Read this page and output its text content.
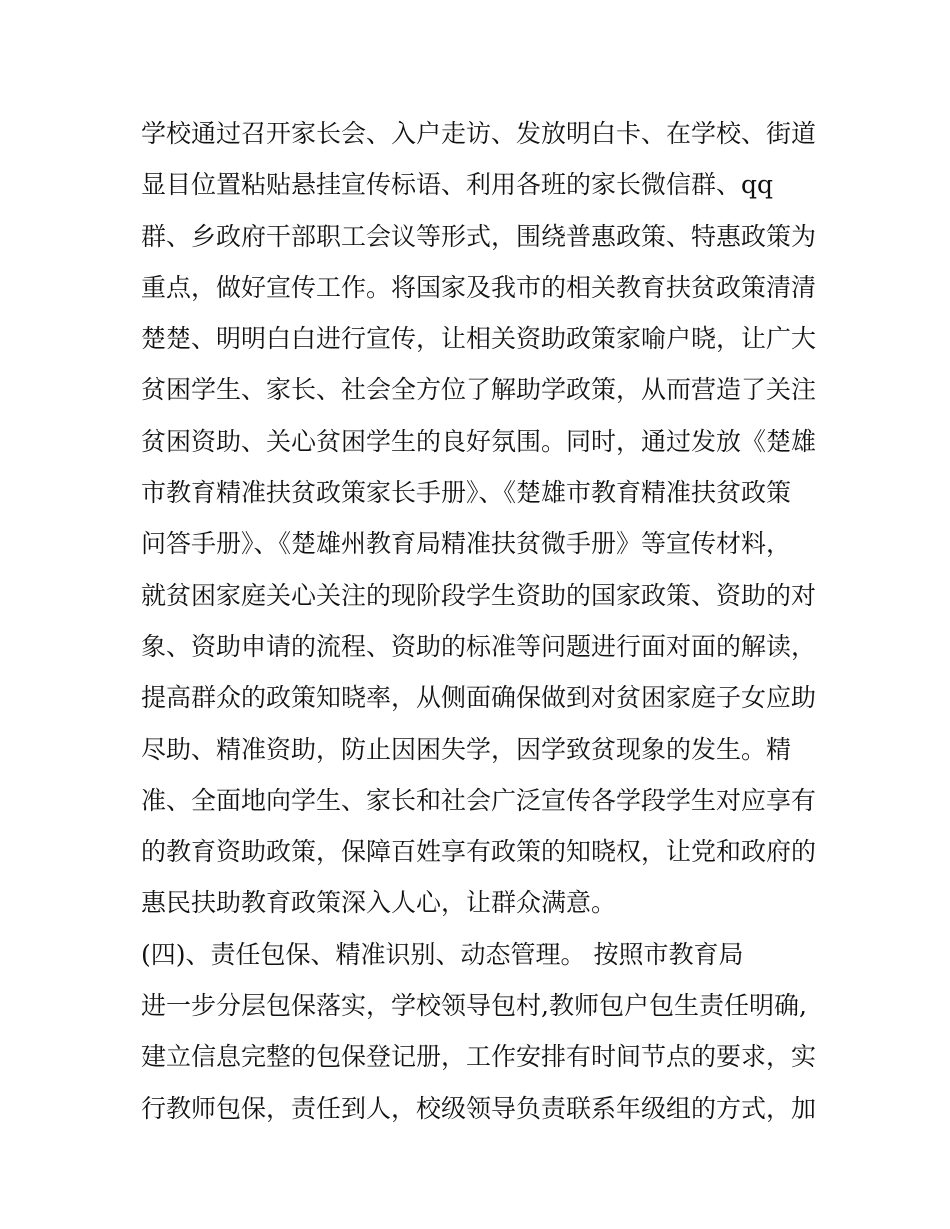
学校通过召开家长会、入户走访、发放明白卡、在学校、街道
显目位置粘贴悬挂宣传标语、利用各班的家长微信群、qq
群、乡政府干部职工会议等形式，围绕普惠政策、特惠政策为
重点，做好宣传工作。将国家及我市的相关教育扶贫政策清清
楚楚、明明白白进行宣传，让相关资助政策家喻户晓，让广大
贫困学生、家长、社会全方位了解助学政策，从而营造了关注
贫困资助、关心贫困学生的良好氛围。同时，通过发放《楚雄
市教育精准扶贫政策家长手册》、《楚雄市教育精准扶贫政策
问答手册》、《楚雄州教育局精准扶贫微手册》等宣传材料，
就贫困家庭关心关注的现阶段学生资助的国家政策、资助的对
象、资助申请的流程、资助的标准等问题进行面对面的解读，
提高群众的政策知晓率，从侧面确保做到对贫困家庭子女应助
尽助、精准资助，防止因困失学，因学致贫现象的发生。精
准、全面地向学生、家长和社会广泛宣传各学段学生对应享有
的教育资助政策，保障百姓享有政策的知晓权，让党和政府的
惠民扶助教育政策深入人心，让群众满意。
(四)、责任包保、精准识别、动态管理。 按照市教育局
进一步分层包保落实，学校领导包村,教师包户包生责任明确,
建立信息完整的包保登记册，工作安排有时间节点的要求，实
行教师包保，责任到人，校级领导负责联系年级组的方式，加
